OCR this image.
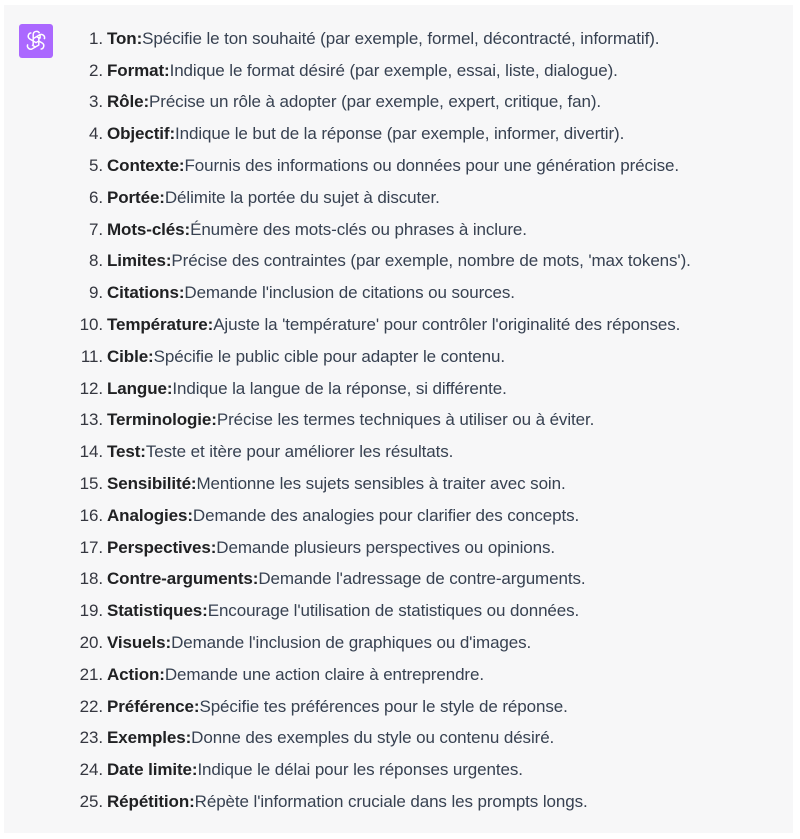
1. Ton: Spécifie le ton souhaité (par exemple, formel, décontracté, informatif).
2. Format: Indique le format désiré (par exemple, essai, liste, dialogue).
3. Rôle: Précise un rôle à adopter (par exemple, expert, critique, fan).
4. Objectif: Indique le but de la réponse (par exemple, informer, divertir).
5. Contexte: Fournis des informations ou données pour une génération précise.
6. Portée: Délimite la portée du sujet à discuter.
7. Mots-clés: Énumère des mots-clés ou phrases à inclure.
8. Limites: Précise des contraintes (par exemple, nombre de mots, 'max tokens').
9. Citations: Demande l'inclusion de citations ou sources.
10. Température: Ajuste la 'température' pour contrôler l'originalité des réponses.
11. Cible: Spécifie le public cible pour adapter le contenu.
12. Langue: Indique la langue de la réponse, si différente.
13. Terminologie: Précise les termes techniques à utiliser ou à éviter.
14. Test: Teste et itère pour améliorer les résultats.
15. Sensibilité: Mentionne les sujets sensibles à traiter avec soin.
16. Analogies: Demande des analogies pour clarifier des concepts.
17. Perspectives: Demande plusieurs perspectives ou opinions.
18. Contre-arguments: Demande l'adressage de contre-arguments.
19. Statistiques: Encourage l'utilisation de statistiques ou données.
20. Visuels: Demande l'inclusion de graphiques ou d'images.
21. Action: Demande une action claire à entreprendre.
22. Préférence: Spécifie tes préférences pour le style de réponse.
23. Exemples: Donne des exemples du style ou contenu désiré.
24. Date limite: Indique le délai pour les réponses urgentes.
25. Répétition: Répète l'information cruciale dans les prompts longs.
